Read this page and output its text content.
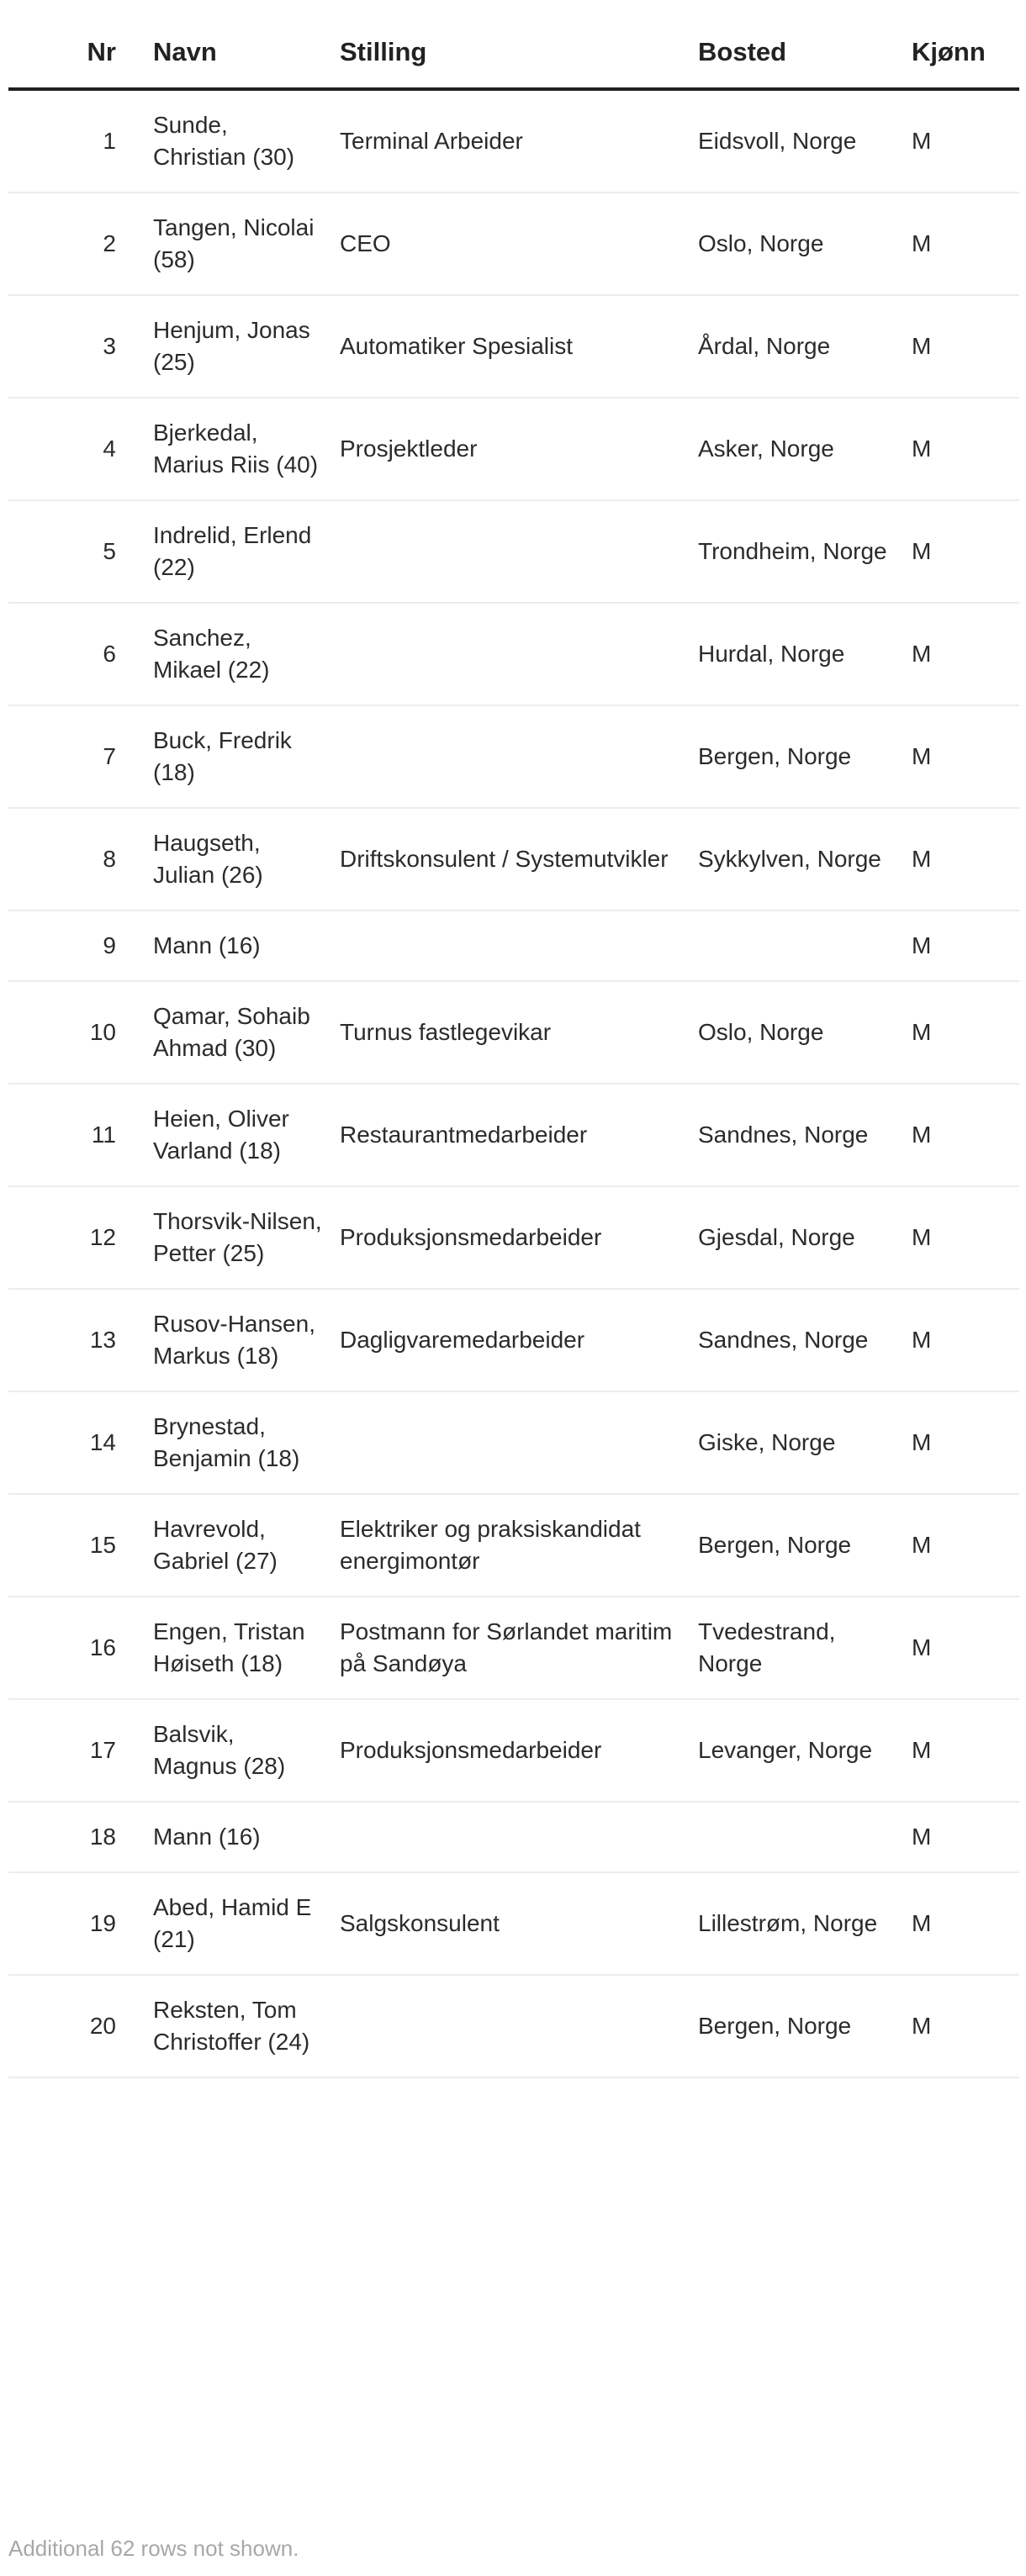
Nr	Navn	Stilling	Bosted	Kjønn
1	Sunde, Christian (30)	Terminal Arbeider	Eidsvoll, Norge	M
2	Tangen, Nicolai (58)	CEO	Oslo, Norge	M
3	Henjum, Jonas (25)	Automatiker Spesialist	Årdal, Norge	M
4	Bjerkedal, Marius Riis (40)	Prosjektleder	Asker, Norge	M
5	Indrelid, Erlend (22)		Trondheim, Norge	M
6	Sanchez, Mikael (22)		Hurdal, Norge	M
7	Buck, Fredrik (18)		Bergen, Norge	M
8	Haugseth, Julian (26)	Driftskonsulent / Systemutvikler	Sykkylven, Norge	M
9	Mann (16)			M
10	Qamar, Sohaib Ahmad (30)	Turnus fastlegevikar	Oslo, Norge	M
11	Heien, Oliver Varland (18)	Restaurantmedarbeider	Sandnes, Norge	M
12	Thorsvik-Nilsen, Petter (25)	Produksjonsmedarbeider	Gjesdal, Norge	M
13	Rusov-Hansen, Markus (18)	Dagligvaremedarbeider	Sandnes, Norge	M
14	Brynestad, Benjamin (18)		Giske, Norge	M
15	Havrevold, Gabriel (27)	Elektriker og praksiskandidat energimontør	Bergen, Norge	M
16	Engen, Tristan Høiseth (18)	Postmann for Sørlandet maritim på Sandøya	Tvedestrand, Norge	M
17	Balsvik, Magnus (28)	Produksjonsmedarbeider	Levanger, Norge	M
18	Mann (16)			M
19	Abed, Hamid E (21)	Salgskonsulent	Lillestrøm, Norge	M
20	Reksten, Tom Christoffer (24)		Bergen, Norge	M
Additional 62 rows not shown.
